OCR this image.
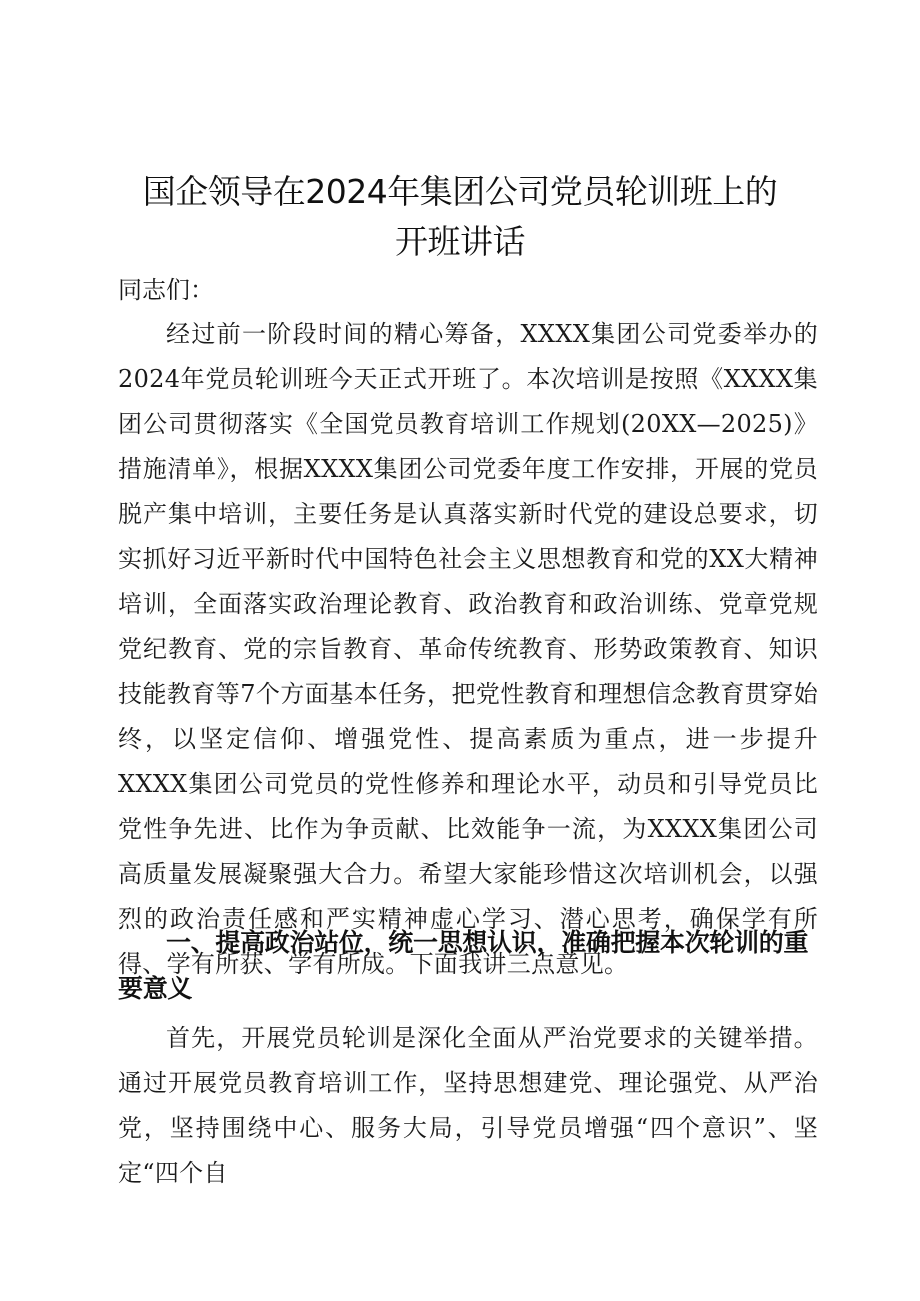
国企领导在2024年集团公司党员轮训班上的
开班讲话
同志们：
经过前一阶段时间的精心筹备，XXXX集团公司党委举办的2024年党员轮训班今天正式开班了。本次培训是按照《XXXX集团公司贯彻落实《全国党员教育培训工作规划(20XX—2025)》措施清单》，根据XXXX集团公司党委年度工作安排，开展的党员脱产集中培训，主要任务是认真落实新时代党的建设总要求，切实抓好习近平新时代中国特色社会主义思想教育和党的XX大精神培训，全面落实政治理论教育、政治教育和政治训练、党章党规党纪教育、党的宗旨教育、革命传统教育、形势政策教育、知识技能教育等7个方面基本任务，把党性教育和理想信念教育贯穿始终，以坚定信仰、增强党性、提高素质为重点，进一步提升XXXX集团公司党员的党性修养和理论水平，动员和引导党员比党性争先进、比作为争贡献、比效能争一流，为XXXX集团公司高质量发展凝聚强大合力。希望大家能珍惜这次培训机会，以强烈的政治责任感和严实精神虚心学习、潜心思考，确保学有所得、学有所获、学有所成。下面我讲三点意见。
一、提高政治站位，统一思想认识，准确把握本次轮训的重要意义
首先，开展党员轮训是深化全面从严治党要求的关键举措。通过开展党员教育培训工作，坚持思想建党、理论强党、从严治党，坚持围绕中心、服务大局，引导党员增强“四个意识”、坚定“四个自
